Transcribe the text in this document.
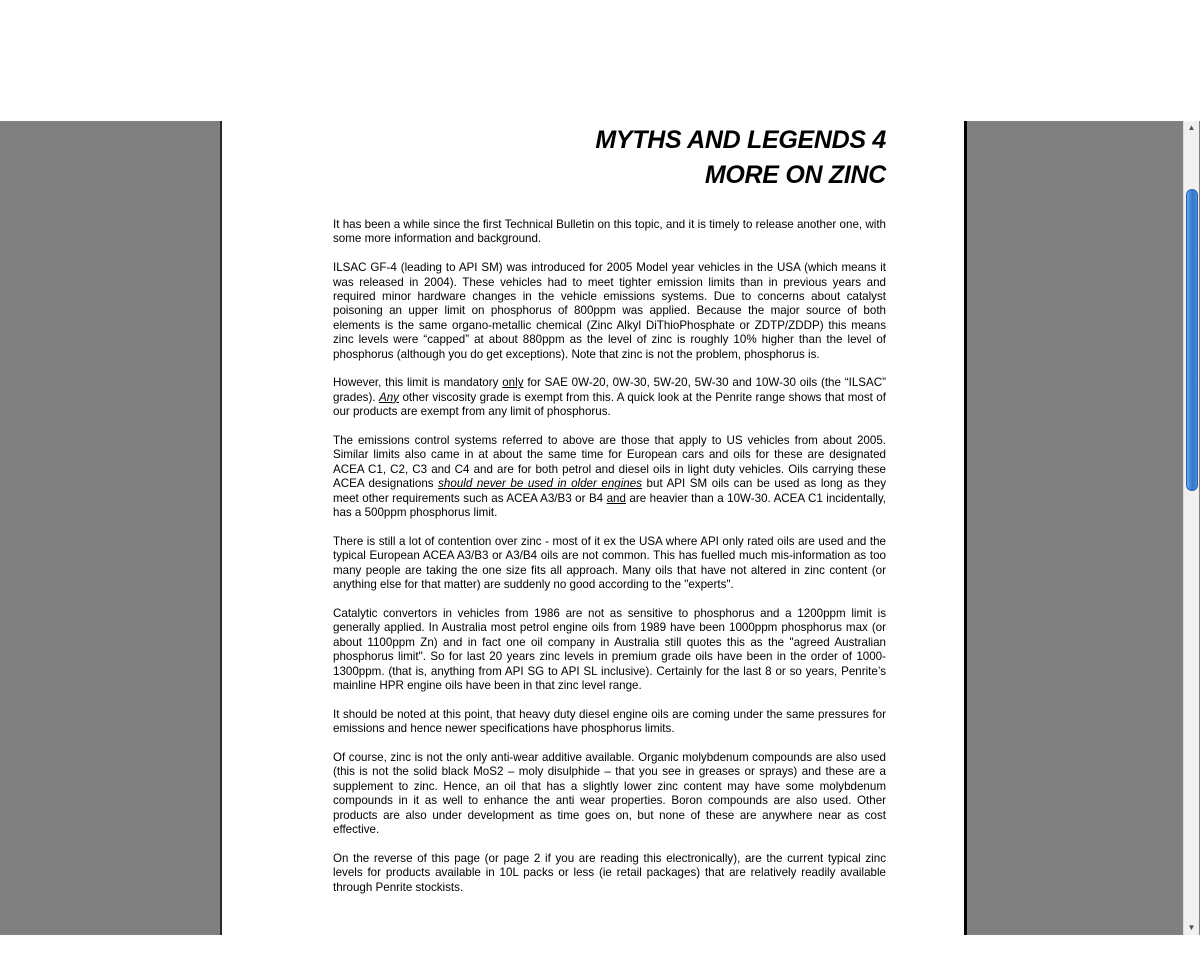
MYTHS AND LEGENDS 4
MORE ON ZINC

It has been a while since the first Technical Bulletin on this topic, and it is timely to release another one, with some more information and background.

ILSAC GF-4 (leading to API SM) was introduced for 2005 Model year vehicles in the USA (which means it was released in 2004). These vehicles had to meet tighter emission limits than in previous years and required minor hardware changes in the vehicle emissions systems. Due to concerns about catalyst poisoning an upper limit on phosphorus of 800ppm was applied. Because the major source of both elements is the same organo-metallic chemical (Zinc Alkyl DiThioPhosphate or ZDTP/ZDDP) this means zinc levels were “capped” at about 880ppm as the level of zinc is roughly 10% higher than the level of phosphorus (although you do get exceptions). Note that zinc is not the problem, phosphorus is.

However, this limit is mandatory only for SAE 0W-20, 0W-30, 5W-20, 5W-30 and 10W-30 oils (the “ILSAC” grades). Any other viscosity grade is exempt from this. A quick look at the Penrite range shows that most of our products are exempt from any limit of phosphorus.

The emissions control systems referred to above are those that apply to US vehicles from about 2005. Similar limits also came in at about the same time for European cars and oils for these are designated ACEA C1, C2, C3 and C4 and are for both petrol and diesel oils in light duty vehicles. Oils carrying these ACEA designations should never be used in older engines but API SM oils can be used as long as they meet other requirements such as ACEA A3/B3 or B4 and are heavier than a 10W-30. ACEA C1 incidentally, has a 500ppm phosphorus limit.

There is still a lot of contention over zinc - most of it ex the USA where API only rated oils are used and the typical European ACEA A3/B3 or A3/B4 oils are not common. This has fuelled much mis-information as too many people are taking the one size fits all approach. Many oils that have not altered in zinc content (or anything else for that matter) are suddenly no good according to the "experts".

Catalytic convertors in vehicles from 1986 are not as sensitive to phosphorus and a 1200ppm limit is generally applied. In Australia most petrol engine oils from 1989 have been 1000ppm phosphorus max (or about 1100ppm Zn) and in fact one oil company in Australia still quotes this as the "agreed Australian phosphorus limit". So for last 20 years zinc levels in premium grade oils have been in the order of 1000-1300ppm. (that is, anything from API SG to API SL inclusive). Certainly for the last 8 or so years, Penrite’s mainline HPR engine oils have been in that zinc level range.

It should be noted at this point, that heavy duty diesel engine oils are coming under the same pressures for emissions and hence newer specifications have phosphorus limits.

Of course, zinc is not the only anti-wear additive available. Organic molybdenum compounds are also used (this is not the solid black MoS2 – moly disulphide – that you see in greases or sprays) and these are a supplement to zinc. Hence, an oil that has a slightly lower zinc content may have some molybdenum compounds in it as well to enhance the anti wear properties. Boron compounds are also used. Other products are also under development as time goes on, but none of these are anywhere near as cost effective.

On the reverse of this page (or page 2 if you are reading this electronically), are the current typical zinc levels for products available in 10L packs or less (ie retail packages) that are relatively readily available through Penrite stockists.

▲
▼
